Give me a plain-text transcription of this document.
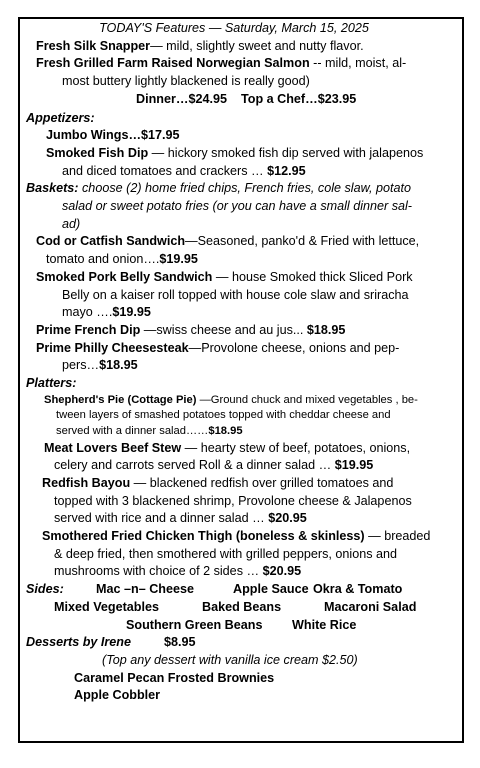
TODAY'S Features — Saturday, March 15, 2025
Fresh Silk Snapper— mild, slightly sweet and nutty flavor.
Fresh Grilled Farm Raised Norwegian Salmon -- mild, moist, al-
most buttery lightly blackened is really good)
Dinner…$24.95 Top a Chef…$23.95
Appetizers:
Jumbo Wings…$17.95
Smoked Fish Dip — hickory smoked fish dip served with jalapenos
and diced tomatoes and crackers … $12.95
Baskets: choose (2) home fried chips, French fries, cole slaw, potato
salad or sweet potato fries (or you can have a small dinner sal-
ad)
Cod or Catfish Sandwich—Seasoned, panko'd & Fried with lettuce,
tomato and onion….$19.95
Smoked Pork Belly Sandwich — house Smoked thick Sliced Pork
Belly on a kaiser roll topped with house cole slaw and sriracha
mayo ….$19.95
Prime French Dip —swiss cheese and au jus... $18.95
Prime Philly Cheesesteak—Provolone cheese, onions and pep-
pers…$18.95
Platters:
Shepherd's Pie (Cottage Pie) —Ground chuck and mixed vegetables , be-
tween layers of smashed potatoes topped with cheddar cheese and
served with a dinner salad……$18.95
Meat Lovers Beef Stew — hearty stew of beef, potatoes, onions,
celery and carrots served Roll & a dinner salad … $19.95
Redfish Bayou — blackened redfish over grilled tomatoes and
topped with 3 blackened shrimp, Provolone cheese & Jalapenos
served with rice and a dinner salad … $20.95
Smothered Fried Chicken Thigh (boneless & skinless) — breaded
& deep fried, then smothered with grilled peppers, onions and
mushrooms with choice of 2 sides … $20.95
Sides:	Mac –n– Cheese	Apple Sauce Okra & Tomato
Mixed Vegetables	Baked Beans	Macaroni Salad
Southern Green Beans	White Rice
Desserts by Irene	$8.95
(Top any dessert with vanilla ice cream $2.50)
Caramel Pecan Frosted Brownies
Apple Cobbler
